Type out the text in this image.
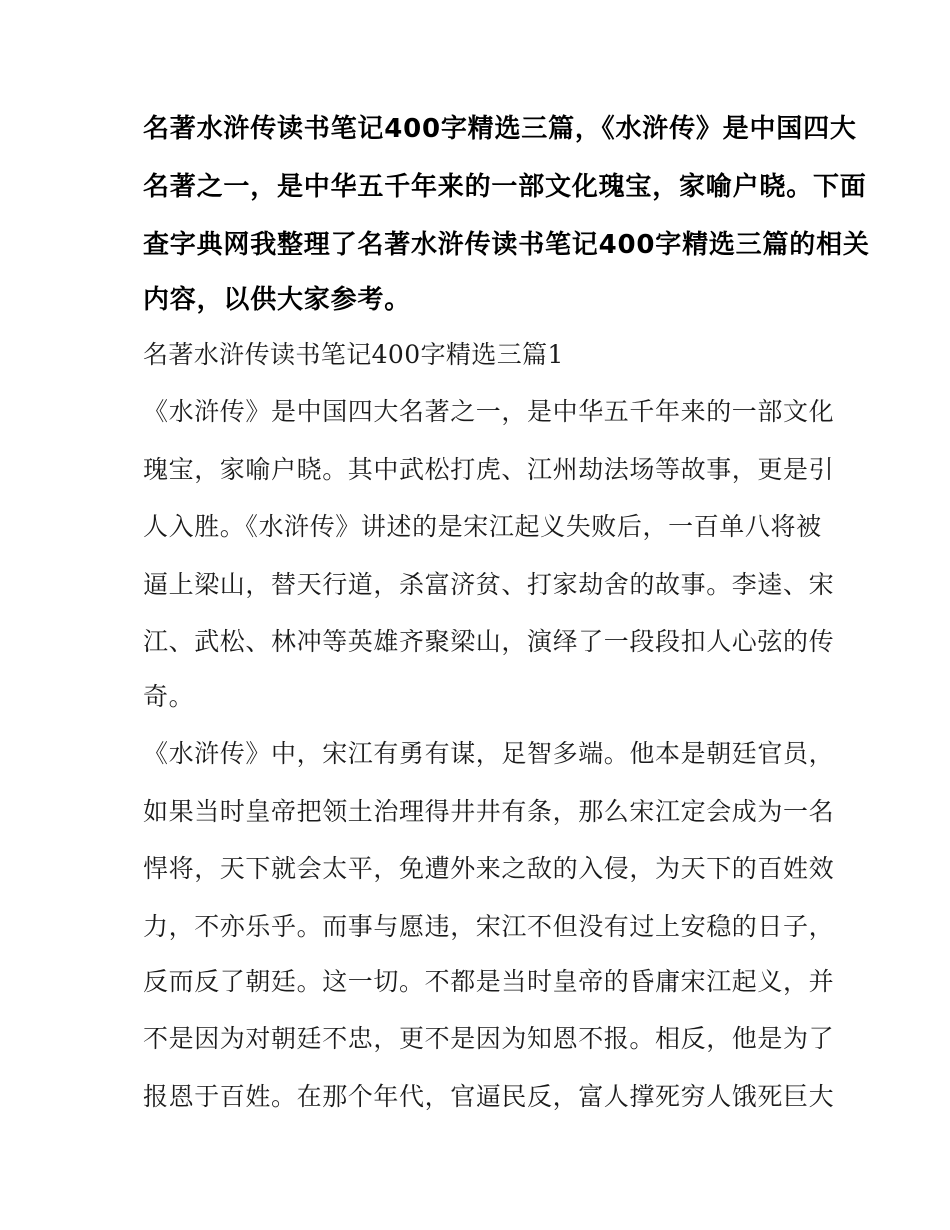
名著水浒传读书笔记400字精选三篇，《水浒传》是中国四大
名著之一，是中华五千年来的一部文化瑰宝，家喻户晓。下面
查字典网我整理了名著水浒传读书笔记400字精选三篇的相关
内容，以供大家参考。
名著水浒传读书笔记400字精选三篇1
《水浒传》是中国四大名著之一，是中华五千年来的一部文化
瑰宝，家喻户晓。其中武松打虎、江州劫法场等故事，更是引
人入胜。《水浒传》讲述的是宋江起义失败后，一百单八将被
逼上梁山，替天行道，杀富济贫、打家劫舍的故事。李逵、宋
江、武松、林冲等英雄齐聚梁山，演绎了一段段扣人心弦的传
奇。
《水浒传》中，宋江有勇有谋，足智多端。他本是朝廷官员，
如果当时皇帝把领土治理得井井有条，那么宋江定会成为一名
悍将，天下就会太平，免遭外来之敌的入侵，为天下的百姓效
力，不亦乐乎。而事与愿违，宋江不但没有过上安稳的日子，
反而反了朝廷。这一切。不都是当时皇帝的昏庸宋江起义，并
不是因为对朝廷不忠，更不是因为知恩不报。相反，他是为了
报恩于百姓。在那个年代，官逼民反，富人撑死穷人饿死巨大
